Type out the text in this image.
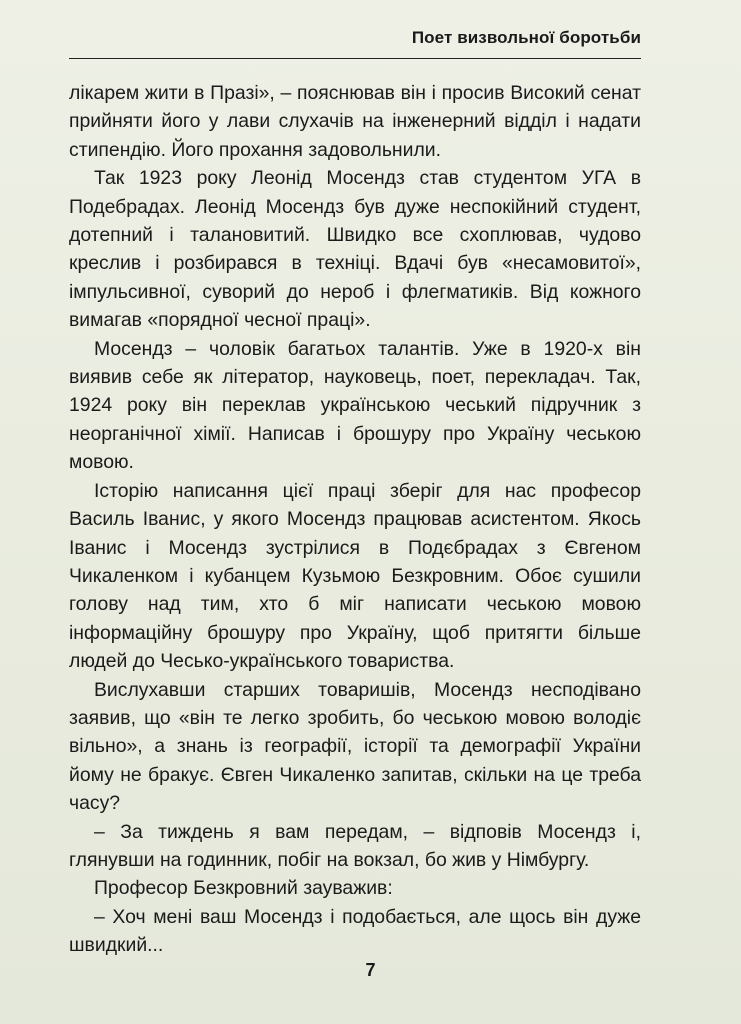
Поет визвольної боротьби

лікарем жити в Празі», – пояснював він і просив Високий сенат прийняти його у лави слухачів на інженерний відділ і надати стипендію. Його прохання задовольнили.

Так 1923 року Леонід Мосендз став студентом УГА в Подебрадах. Леонід Мосендз був дуже неспокійний студент, дотепний і талановитий. Швидко все схоплював, чудово креслив і розбирався в техніці. Вдачі був «несамовитої», імпульсивної, суворий до нероб і флегматиків. Від кожного вимагав «порядної чесної праці».

Мосендз – чоловік багатьох талантів. Уже в 1920-х він виявив себе як літератор, науковець, поет, перекладач. Так, 1924 року він переклав українською чеський підручник з неорганічної хімії. Написав і брошуру про Україну чеською мовою.

Історію написання цієї праці зберіг для нас професор Василь Іванис, у якого Мосендз працював асистентом. Якось Іванис і Мосендз зустрілися в Подєбрадах з Євгеном Чикаленком і кубанцем Кузьмою Безкровним. Обоє сушили голову над тим, хто б міг написати чеською мовою інформаційну брошуру про Україну, щоб притягти більше людей до Чесько-українського товариства.

Вислухавши старших товаришів, Мосендз несподівано заявив, що «він те легко зробить, бо чеською мовою володіє вільно», а знань із географії, історії та демографії України йому не бракує. Євген Чикаленко запитав, скільки на це треба часу?

– За тиждень я вам передам, – відповів Мосендз і, глянувши на годинник, побіг на вокзал, бо жив у Німбургу.

Професор Безкровний зауважив:

– Хоч мені ваш Мосендз і подобається, але щось він дуже швидкий...

7
